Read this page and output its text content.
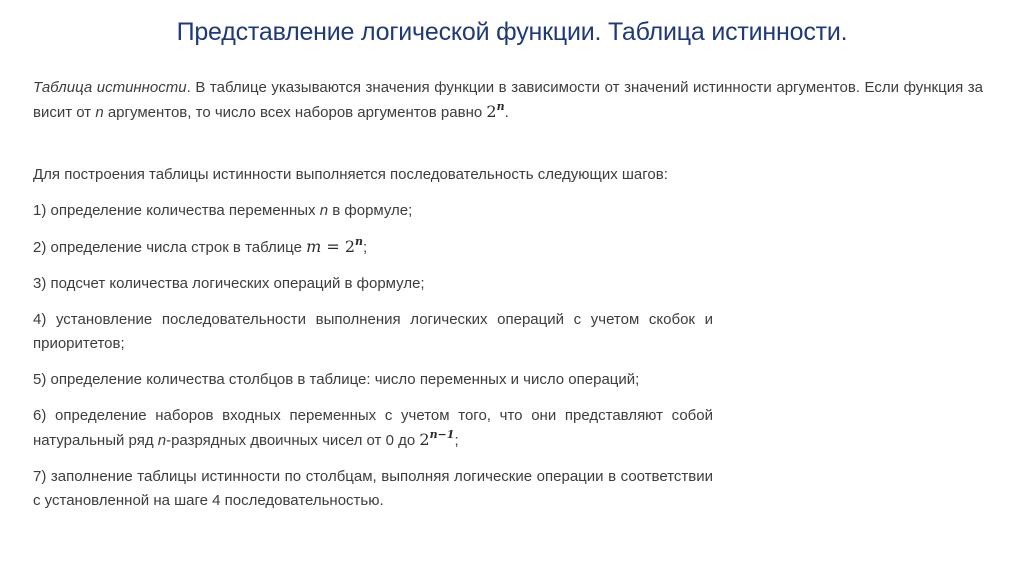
Представление логической функции. Таблица истинности.
Таблица истинности. В таблице указываются значения функции в зависимости от значений истинности аргументов. Если функция за висит от n аргументов, то число всех наборов аргументов равно 2$^n$.

Для построения таблицы истинности выполняется последовательность следующих шагов:

1) определение количества переменных n в формуле;

2) определение числа строк в таблице $m = 2^n$;

3) подсчет количества логических операций в формуле;

4) установление последовательности выполнения логических операций с учетом скобок и приоритетов;

5) определение количества столбцов в таблице: число переменных и число операций;

6) определение наборов входных переменных с учетом того, что они представляют собой натуральный ряд n-разрядных двоичных чисел от 0 до $2^{n-1}$;

7) заполнение таблицы истинности по столбцам, выполняя логические операции в соответствии с установленной на шаге 4 последовательностью.
